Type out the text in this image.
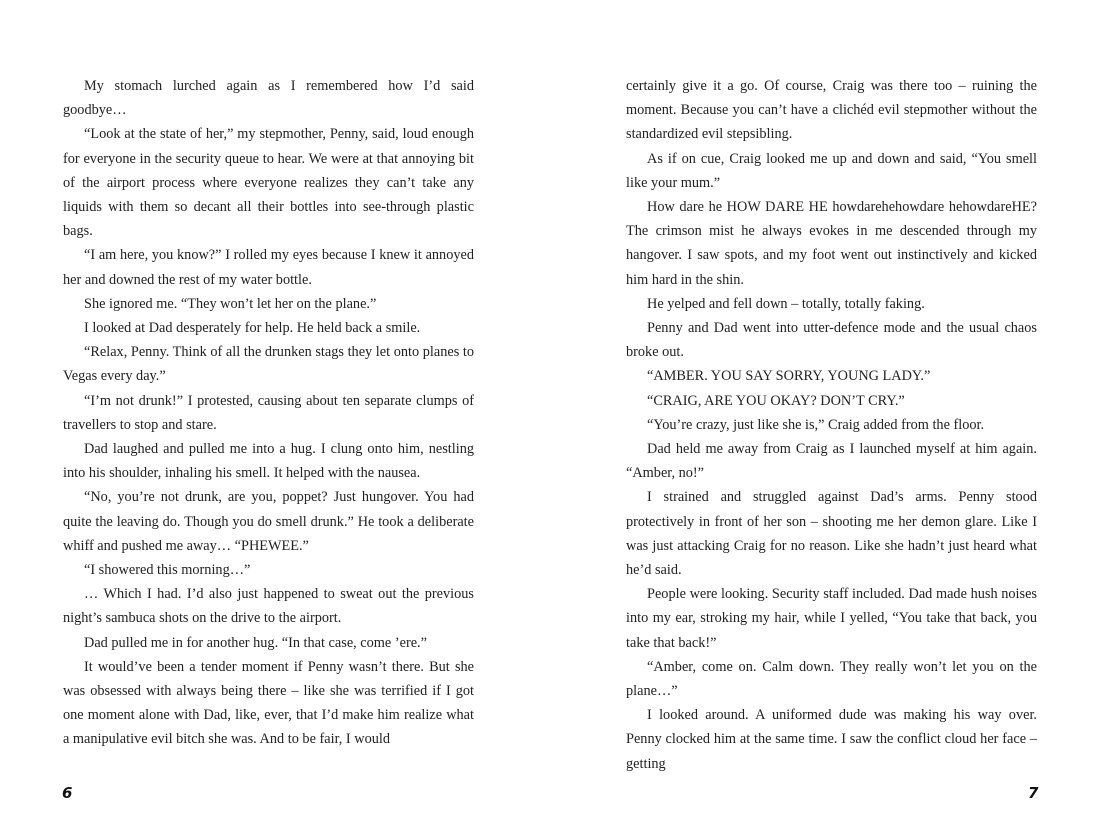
My stomach lurched again as I remembered how I’d said goodbye…

“Look at the state of her,” my stepmother, Penny, said, loud enough for everyone in the security queue to hear. We were at that annoying bit of the airport process where everyone realizes they can’t take any liquids with them so decant all their bottles into see-through plastic bags.

“I am here, you know?” I rolled my eyes because I knew it annoyed her and downed the rest of my water bottle.

She ignored me. “They won’t let her on the plane.”

I looked at Dad desperately for help. He held back a smile.

“Relax, Penny. Think of all the drunken stags they let onto planes to Vegas every day.”

“I’m not drunk!” I protested, causing about ten separate clumps of travellers to stop and stare.

Dad laughed and pulled me into a hug. I clung onto him, nestling into his shoulder, inhaling his smell. It helped with the nausea.

“No, you’re not drunk, are you, poppet? Just hungover. You had quite the leaving do. Though you do smell drunk.” He took a deliberate whiff and pushed me away… “PHEWEE.”

“I showered this morning…”

… Which I had. I’d also just happened to sweat out the previous night’s sambuca shots on the drive to the airport.

Dad pulled me in for another hug. “In that case, come ’ere.”

It would’ve been a tender moment if Penny wasn’t there. But she was obsessed with always being there – like she was terrified if I got one moment alone with Dad, like, ever, that I’d make him realize what a manipulative evil bitch she was. And to be fair, I would

certainly give it a go. Of course, Craig was there too – ruining the moment. Because you can’t have a clichéd evil stepmother without the standardized evil stepsibling.

As if on cue, Craig looked me up and down and said, “You smell like your mum.”

How dare he HOW DARE HE howdarehehowdare hehowdareHE? The crimson mist he always evokes in me descended through my hangover. I saw spots, and my foot went out instinctively and kicked him hard in the shin.

He yelped and fell down – totally, totally faking.

Penny and Dad went into utter-defence mode and the usual chaos broke out.

“AMBER. YOU SAY SORRY, YOUNG LADY.”

“CRAIG, ARE YOU OKAY? DON’T CRY.”

“You’re crazy, just like she is,” Craig added from the floor.

Dad held me away from Craig as I launched myself at him again. “Amber, no!”

I strained and struggled against Dad’s arms. Penny stood protectively in front of her son – shooting me her demon glare. Like I was just attacking Craig for no reason. Like she hadn’t just heard what he’d said.

People were looking. Security staff included. Dad made hush noises into my ear, stroking my hair, while I yelled, “You take that back, you take that back!”

“Amber, come on. Calm down. They really won’t let you on the plane…”

I looked around. A uniformed dude was making his way over. Penny clocked him at the same time. I saw the conflict cloud her face – getting

6	7
